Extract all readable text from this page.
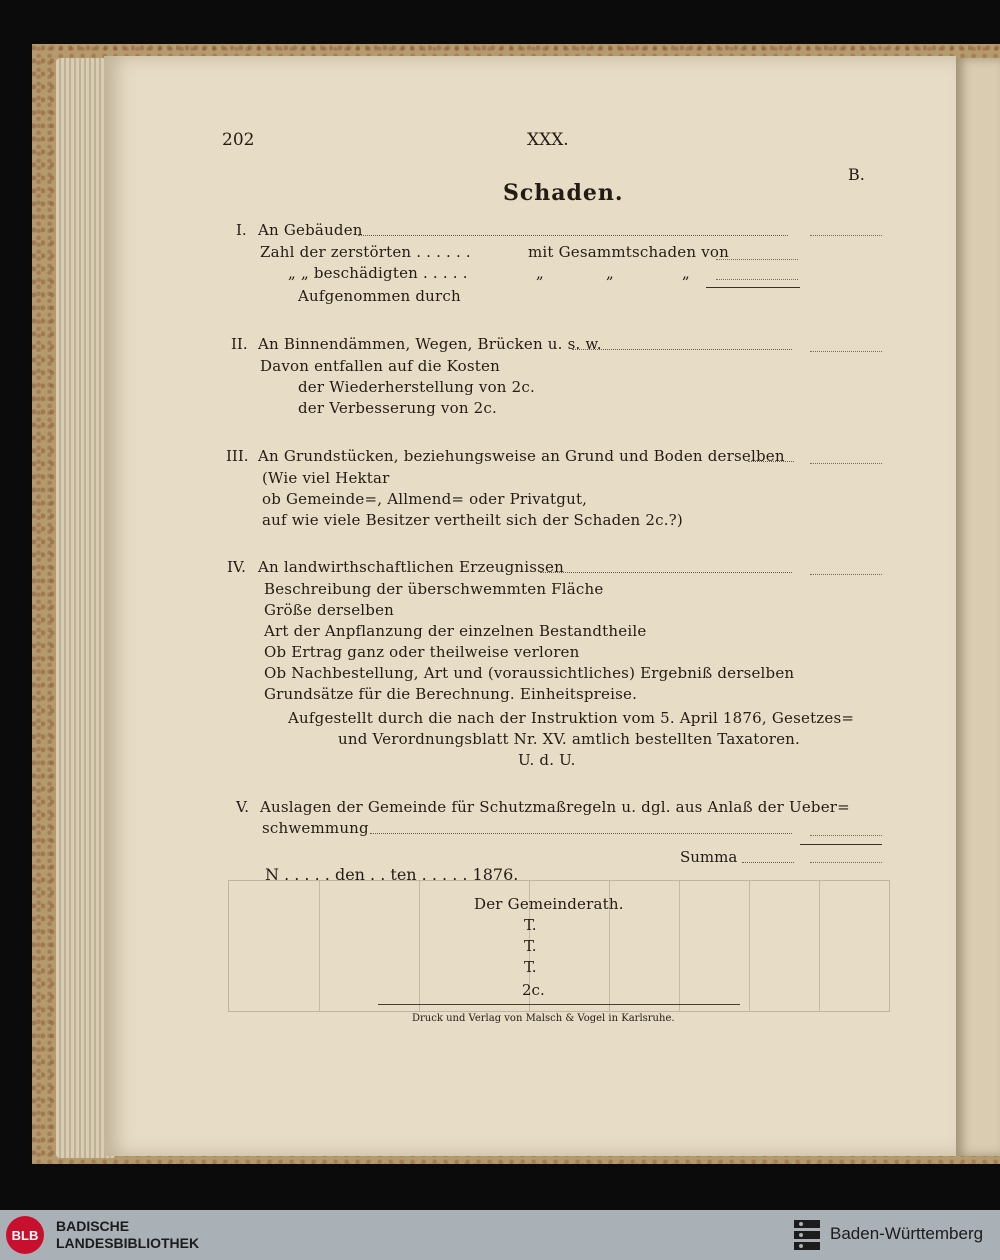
202	XXX.
B.
Schaden.
I. An Gebäuden
Zahl der zerstörten . . . . . .	mit Gesammtschaden von
„ „ beschädigten . . . . .	„	„	„
Aufgenommen durch
II. An Binnendämmen, Wegen, Brücken u. s. w.
Davon entfallen auf die Kosten
der Wiederherstellung von 2c.
der Verbesserung von 2c.
III. An Grundstücken, beziehungsweise an Grund und Boden derselben
(Wie viel Hektar
ob Gemeinde=, Allmend= oder Privatgut,
auf wie viele Besitzer vertheilt sich der Schaden 2c.?)
IV. An landwirthschaftlichen Erzeugnissen
Beschreibung der überschwemmten Fläche
Größe derselben
Art der Anpflanzung der einzelnen Bestandtheile
Ob Ertrag ganz oder theilweise verloren
Ob Nachbestellung, Art und (voraussichtliches) Ergebniß derselben
Grundsätze für die Berechnung. Einheitspreise.
Aufgestellt durch die nach der Instruktion vom 5. April 1876, Gesetzes=
und Verordnungsblatt Nr. XV. amtlich bestellten Taxatoren.
U. d. U.
V. Auslagen der Gemeinde für Schutzmaßregeln u. dgl. aus Anlaß der Ueber=
schwemmung
Summa
N . . . . . den . . ten . . . . . 1876.
Der Gemeinderath.
T.
T.
T.
2c.
Druck und Verlag von Malsch & Vogel in Karlsruhe.
BLB
BADISCHE
LANDESBIBLIOTHEK	Baden-Württemberg
